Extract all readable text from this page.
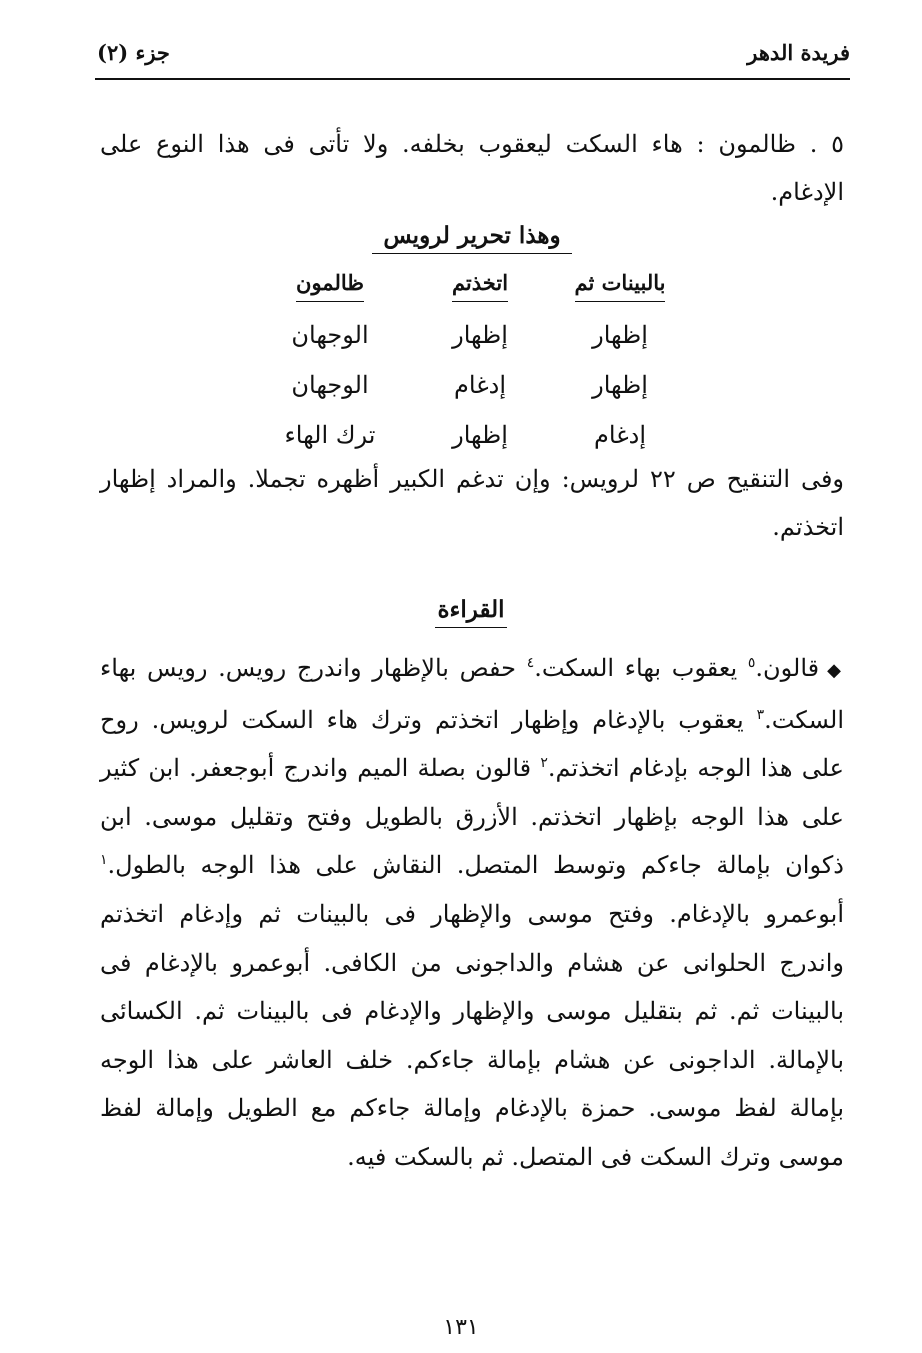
فريدة الدهر
جزء (٢)
٥ . ظالمون : هاء السكت ليعقوب بخلفه. ولا تأتى فى هذا النوع على الإدغام.
وهذا تحرير لرويس
بالبينات ثم
إظهار
إظهار
إدغام
اتخذتم
إظهار
إدغام
إظهار
ظالمون
الوجهان
الوجهان
ترك الهاء
وفى التنقيح ص ٢٢ لرويس: وإن تدغم الكبير أظهره تجملا. والمراد إظهار اتخذتم.
القراءة
◆قالون.$^٥$ يعقوب بهاء السكت.$^٤$ حفص بالإظهار واندرج رويس. رويس بهاء السكت.$^٣$ يعقوب بالإدغام وإظهار اتخذتم وترك هاء السكت لرويس. روح على هذا الوجه بإدغام اتخذتم.$^٢$ قالون بصلة الميم واندرج أبوجعفر. ابن كثير على هذا الوجه بإظهار اتخذتم. الأزرق بالطويل وفتح وتقليل موسى. ابن ذكوان بإمالة جاءكم وتوسط المتصل. النقاش على هذا الوجه بالطول.$^١$ أبوعمرو بالإدغام. وفتح موسى والإظهار فى بالبينات ثم وإدغام اتخذتم واندرج الحلوانى عن هشام والداجونى من الكافى. أبوعمرو بالإدغام فى بالبينات ثم. ثم بتقليل موسى والإظهار والإدغام فى بالبينات ثم. الكسائى بالإمالة. الداجونى عن هشام بإمالة جاءكم. خلف العاشر على هذا الوجه بإمالة لفظ موسى. حمزة بالإدغام وإمالة جاءكم مع الطويل وإمالة لفظ موسى وترك السكت فى المتصل. ثم بالسكت فيه.
١٣١
